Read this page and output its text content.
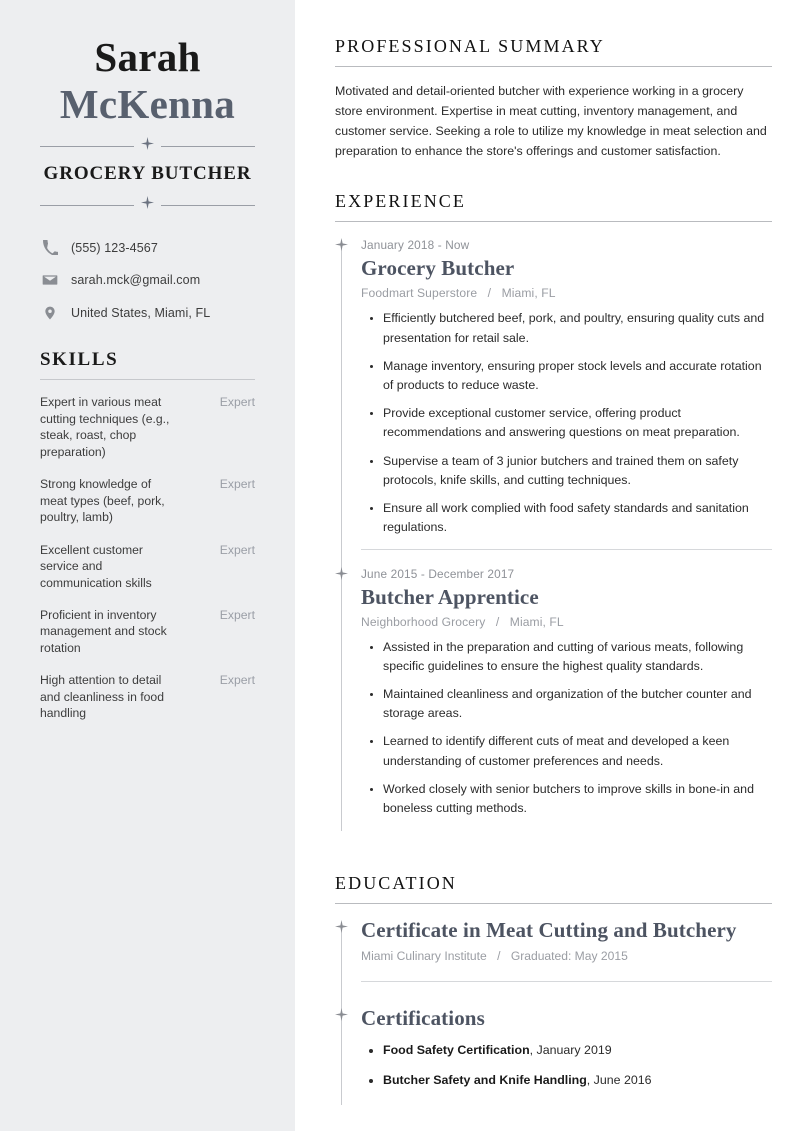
Sarah
McKenna
GROCERY BUTCHER
(555) 123-4567
sarah.mck@gmail.com
United States, Miami, FL
SKILLS
Expert in various meat cutting techniques (e.g., steak, roast, chop preparation)
Expert
Strong knowledge of meat types (beef, pork, poultry, lamb)
Expert
Excellent customer service and communication skills
Expert
Proficient in inventory management and stock rotation
Expert
High attention to detail and cleanliness in food handling
Expert
PROFESSIONAL SUMMARY

Motivated and detail-oriented butcher with experience working in a grocery store environment. Expertise in meat cutting, inventory management, and customer service. Seeking a role to utilize my knowledge in meat selection and preparation to enhance the store's offerings and customer satisfaction.

EXPERIENCE
January 2018 - Now
Grocery Butcher
Foodmart Superstore / Miami, FL
• Efficiently butchered beef, pork, and poultry, ensuring quality cuts and presentation for retail sale.
• Manage inventory, ensuring proper stock levels and accurate rotation of products to reduce waste.
• Provide exceptional customer service, offering product recommendations and answering questions on meat preparation.
• Supervise a team of 3 junior butchers and trained them on safety protocols, knife skills, and cutting techniques.
• Ensure all work complied with food safety standards and sanitation regulations.
June 2015 - December 2017
Butcher Apprentice
Neighborhood Grocery / Miami, FL
• Assisted in the preparation and cutting of various meats, following specific guidelines to ensure the highest quality standards.
• Maintained cleanliness and organization of the butcher counter and storage areas.
• Learned to identify different cuts of meat and developed a keen understanding of customer preferences and needs.
• Worked closely with senior butchers to improve skills in bone-in and boneless cutting methods.
EDUCATION
Certificate in Meat Cutting and Butchery
Miami Culinary Institute / Graduated: May 2015
Certifications
• Food Safety Certification, January 2019
• Butcher Safety and Knife Handling, June 2016
